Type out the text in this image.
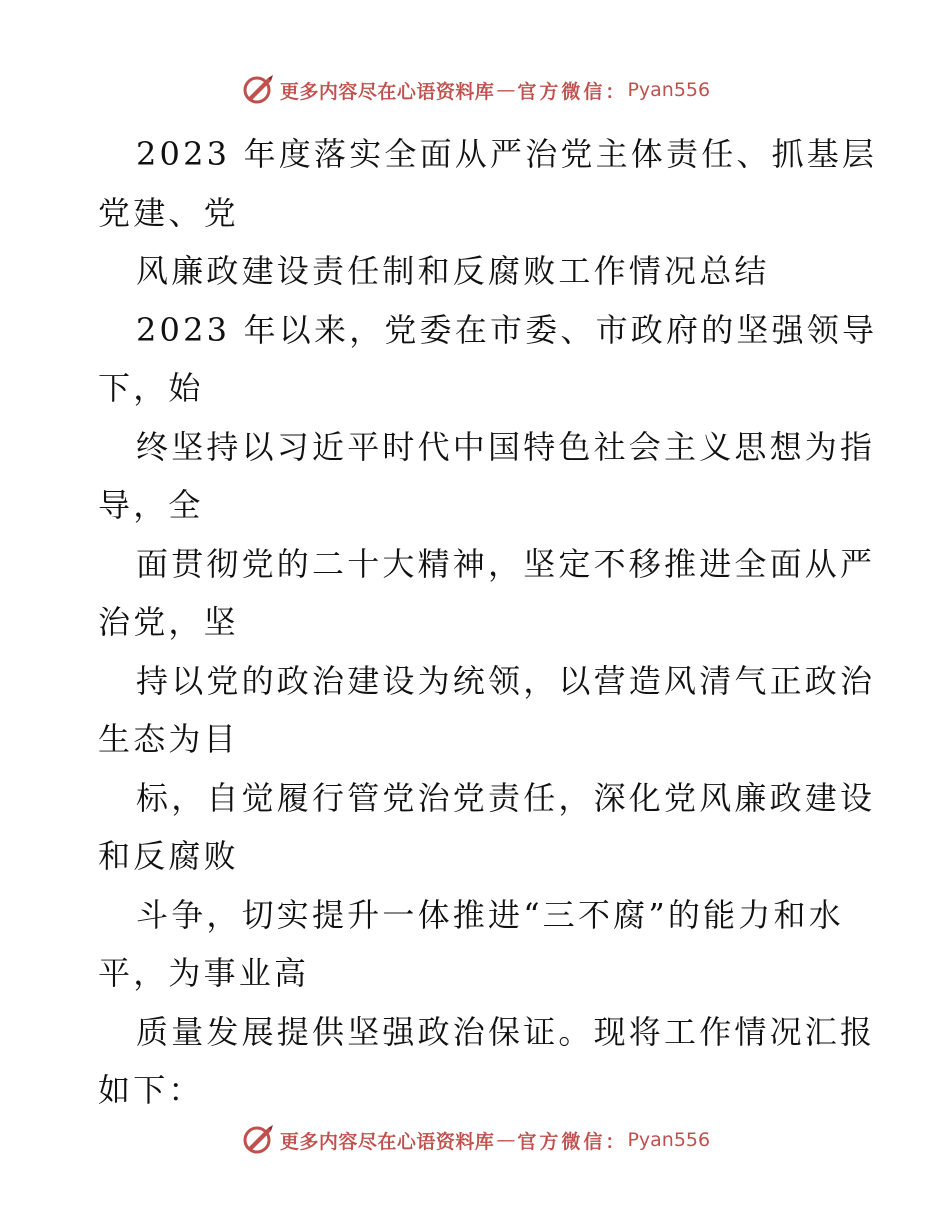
更多内容尽在心语资料库 — 官方微信： Pyan556
2023 年度落实全面从严治党主体责任、抓基层
党建、党
风廉政建设责任制和反腐败工作情况总结
2023 年以来，党委在市委、市政府的坚强领导
下，始
终坚持以习近平时代中国特色社会主义思想为指
导，全
面贯彻党的二十大精神，坚定不移推进全面从严
治党，坚
持以党的政治建设为统领，以营造风清气正政治
生态为目
标，自觉履行管党治党责任，深化党风廉政建设
和反腐败
斗争，切实提升一体推进“三不腐”的能力和水
平，为事业高
质量发展提供坚强政治保证。现将工作情况汇报
如下：
更多内容尽在心语资料库 — 官方微信： Pyan556
